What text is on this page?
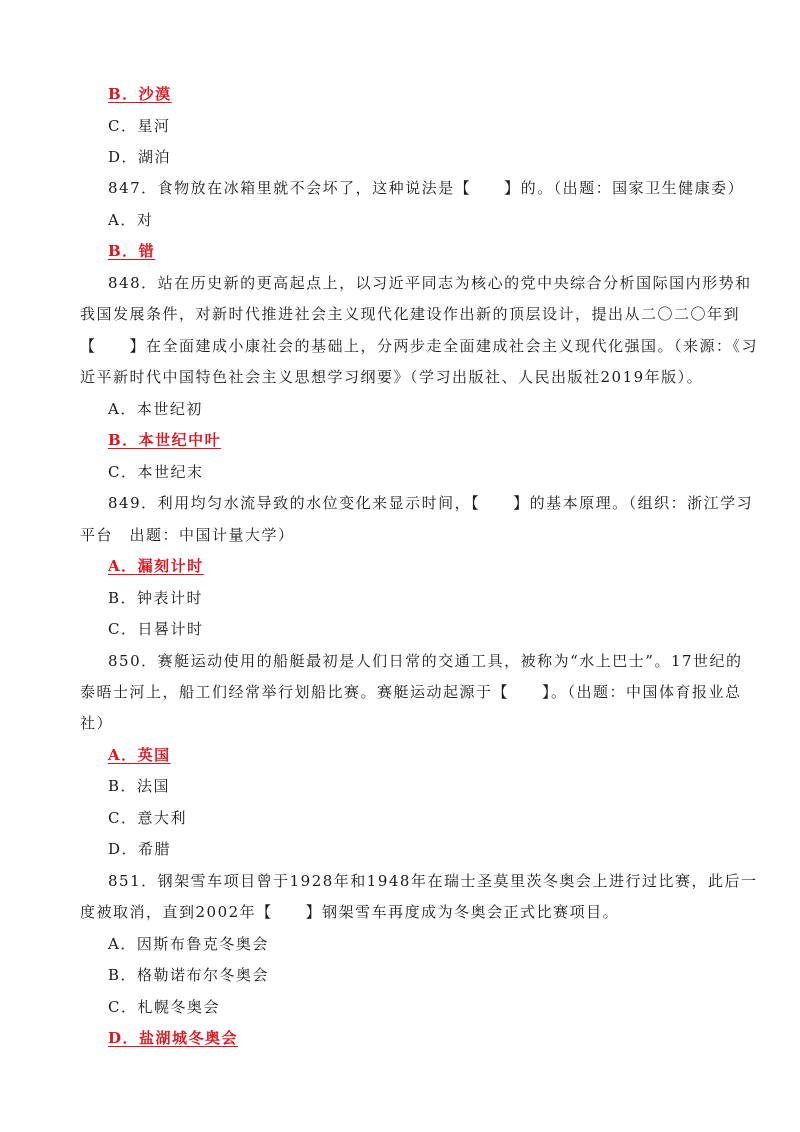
B．沙漠
C．星河
D．湖泊
847．食物放在冰箱里就不会坏了，这种说法是【　　】的。（出题：国家卫生健康委）
A．对
B．错
848．站在历史新的更高起点上，以习近平同志为核心的党中央综合分析国际国内形势和
我国发展条件，对新时代推进社会主义现代化建设作出新的顶层设计，提出从二〇二〇年到
【　　】在全面建成小康社会的基础上，分两步走全面建成社会主义现代化强国。（来源：《习
近平新时代中国特色社会主义思想学习纲要》（学习出版社、人民出版社2019年版）。
A．本世纪初
B．本世纪中叶
C．本世纪末
849．利用均匀水流导致的水位变化来显示时间，【　　】的基本原理。（组织：浙江学习
平台　出题：中国计量大学）
A．漏刻计时
B．钟表计时
C．日晷计时
850．赛艇运动使用的船艇最初是人们日常的交通工具，被称为“水上巴士”。17世纪的
泰晤士河上，船工们经常举行划船比赛。赛艇运动起源于【　　】。（出题：中国体育报业总
社）
A．英国
B．法国
C．意大利
D．希腊
851．钢架雪车项目曾于1928年和1948年在瑞士圣莫里茨冬奥会上进行过比赛，此后一
度被取消，直到2002年【　　】钢架雪车再度成为冬奥会正式比赛项目。
A．因斯布鲁克冬奥会
B．格勒诺布尔冬奥会
C．札幌冬奥会
D．盐湖城冬奥会
